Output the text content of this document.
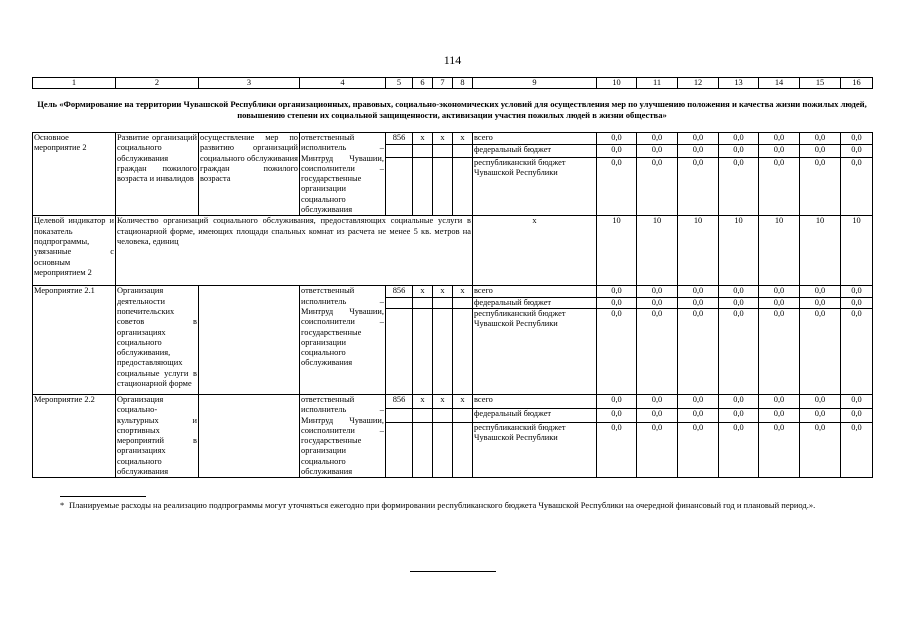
114
1	2	3	4	5	6	7	8	9	10	11	12	13	14	15	16
Цель «Формирование на территории Чувашской Республики организационных, правовых, социально-экономических условий для осуществления мер по улучшению положения и качества жизни пожилых людей, повышению степени их социальной защищенности, активизации участия пожилых людей в жизни общества»
Основное мероприятие 2	Развитие организаций социального обслуживания граждан пожилого возраста и инвалидов	осуществление мер по развитию организаций социального обслуживания граждан пожилого возраста	ответственный исполнитель – Минтруд Чувашии, соисполнители – государственные организации социального обслуживания	856	x	x	x	всего	0,0	0,0	0,0	0,0	0,0	0,0	0,0
								федеральный бюджет	0,0	0,0	0,0	0,0	0,0	0,0	0,0
								республиканский бюджет Чувашской Республики	0,0	0,0	0,0	0,0	0,0	0,0	0,0
Целевой индикатор и показатель подпрограммы, увязанные с основным мероприятием 2	Количество организаций социального обслуживания, предоставляющих социальные услуги в стационарной форме, имеющих площади спальных комнат из расчета не менее 5 кв. метров на человека, единиц							x	10	10	10	10	10	10	10
Мероприятие 2.1	Организация деятельности попечительских советов в организациях социального обслуживания, предоставляющих социальные услуги в стационарной форме		ответственный исполнитель – Минтруд Чувашии, соисполнители – государственные организации социального обслуживания	856	x	x	x	всего	0,0	0,0	0,0	0,0	0,0	0,0	0,0
								федеральный бюджет	0,0	0,0	0,0	0,0	0,0	0,0	0,0
								республиканский бюджет Чувашской Республики	0,0	0,0	0,0	0,0	0,0	0,0	0,0
Мероприятие 2.2	Организация социально-культурных и спортивных мероприятий в организациях социального обслуживания		ответственный исполнитель – Минтруд Чувашии, соисполнители – государственные организации социального обслуживания	856	x	x	x	всего	0,0	0,0	0,0	0,0	0,0	0,0	0,0
								федеральный бюджет	0,0	0,0	0,0	0,0	0,0	0,0	0,0
								республиканский бюджет Чувашской Республики	0,0	0,0	0,0	0,0	0,0	0,0	0,0
* Планируемые расходы на реализацию подпрограммы могут уточняться ежегодно при формировании республиканского бюджета Чувашской Республики на очередной финансовый год и плановый период.».
